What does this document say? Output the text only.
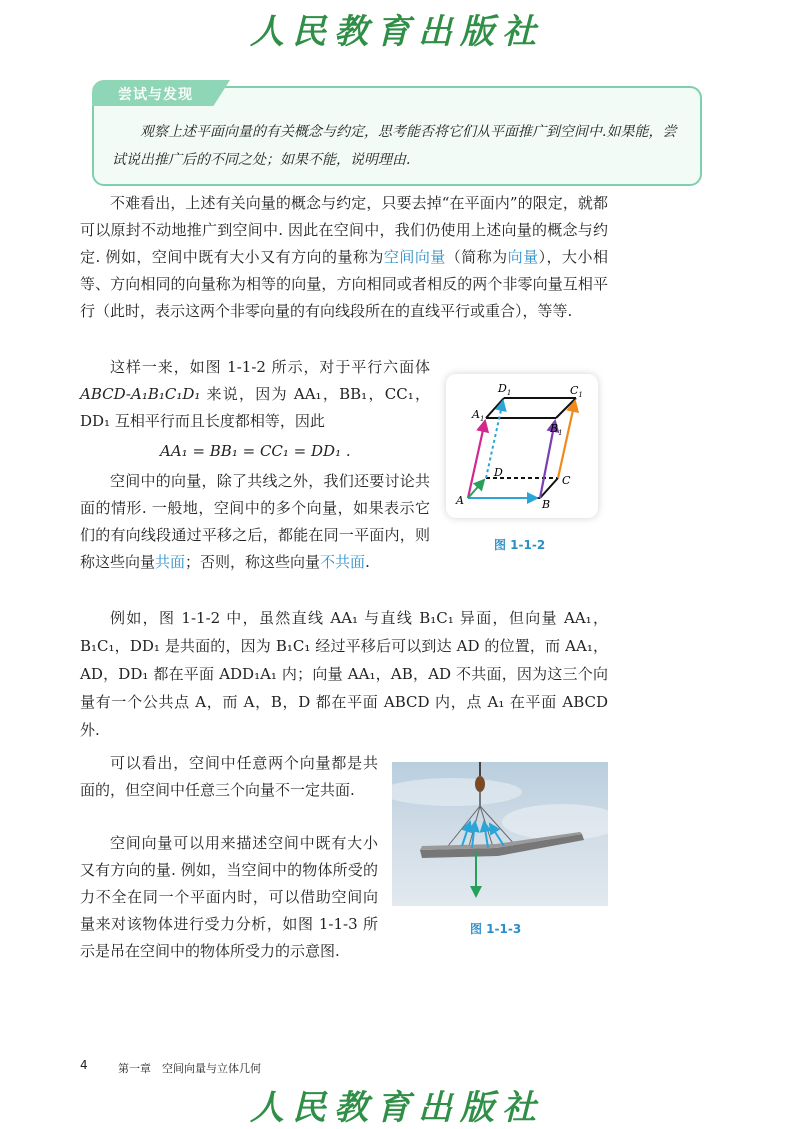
人民教育出版社
尝试与发现
观察上述平面向量的有关概念与约定，思考能否将它们从平面推广到空间中.如果能，尝试说出推广后的不同之处；如果不能，说明理由.
不难看出，上述有关向量的概念与约定，只要去掉“在平面内”的限定，就都可以原封不动地推广到空间中. 因此在空间中，我们仍使用上述向量的概念与约定. 例如，空间中既有大小又有方向的量称为空间向量（简称为向量），大小相等、方向相同的向量称为相等的向量，方向相同或者相反的两个非零向量互相平行（此时，表示这两个非零向量的有向线段所在的直线平行或重合），等等.
这样一来，如图 1-1-2 所示，对于平行六面体 ABCD-A₁B₁C₁D₁ 来说，因为 AA₁，BB₁，CC₁，DD₁ 互相平行而且长度都相等，因此
AA₁ = BB₁ = CC₁ = DD₁ .
A	B
C
D
$A_1$
$B_1$
$C_1$
$D_1$
图 1-1-2
空间中的向量，除了共线之外，我们还要讨论共面的情形. 一般地，空间中的多个向量，如果表示它们的有向线段通过平移之后，都能在同一平面内，则称这些向量共面；否则，称这些向量不共面.
例如，图 1-1-2 中，虽然直线 AA₁ 与直线 B₁C₁ 异面，但向量 AA₁，B₁C₁，DD₁ 是共面的，因为 B₁C₁ 经过平移后可以到达 AD 的位置，而 AA₁，AD，DD₁ 都在平面 ADD₁A₁ 内；向量 AA₁，AB，AD 不共面，因为这三个向量有一个公共点 A，而 A，B，D 都在平面 ABCD 内，点 A₁ 在平面 ABCD 外.
可以看出，空间中任意两个向量都是共面的，但空间中任意三个向量不一定共面.
空间向量可以用来描述空间中既有大小又有方向的量. 例如，当空间中的物体所受的力不全在同一个平面内时，可以借助空间向量来对该物体进行受力分析，如图 1-1-3 所示是吊在空间中的物体所受力的示意图.
图 1-1-3
4	第一章　空间向量与立体几何
人民教育出版社
